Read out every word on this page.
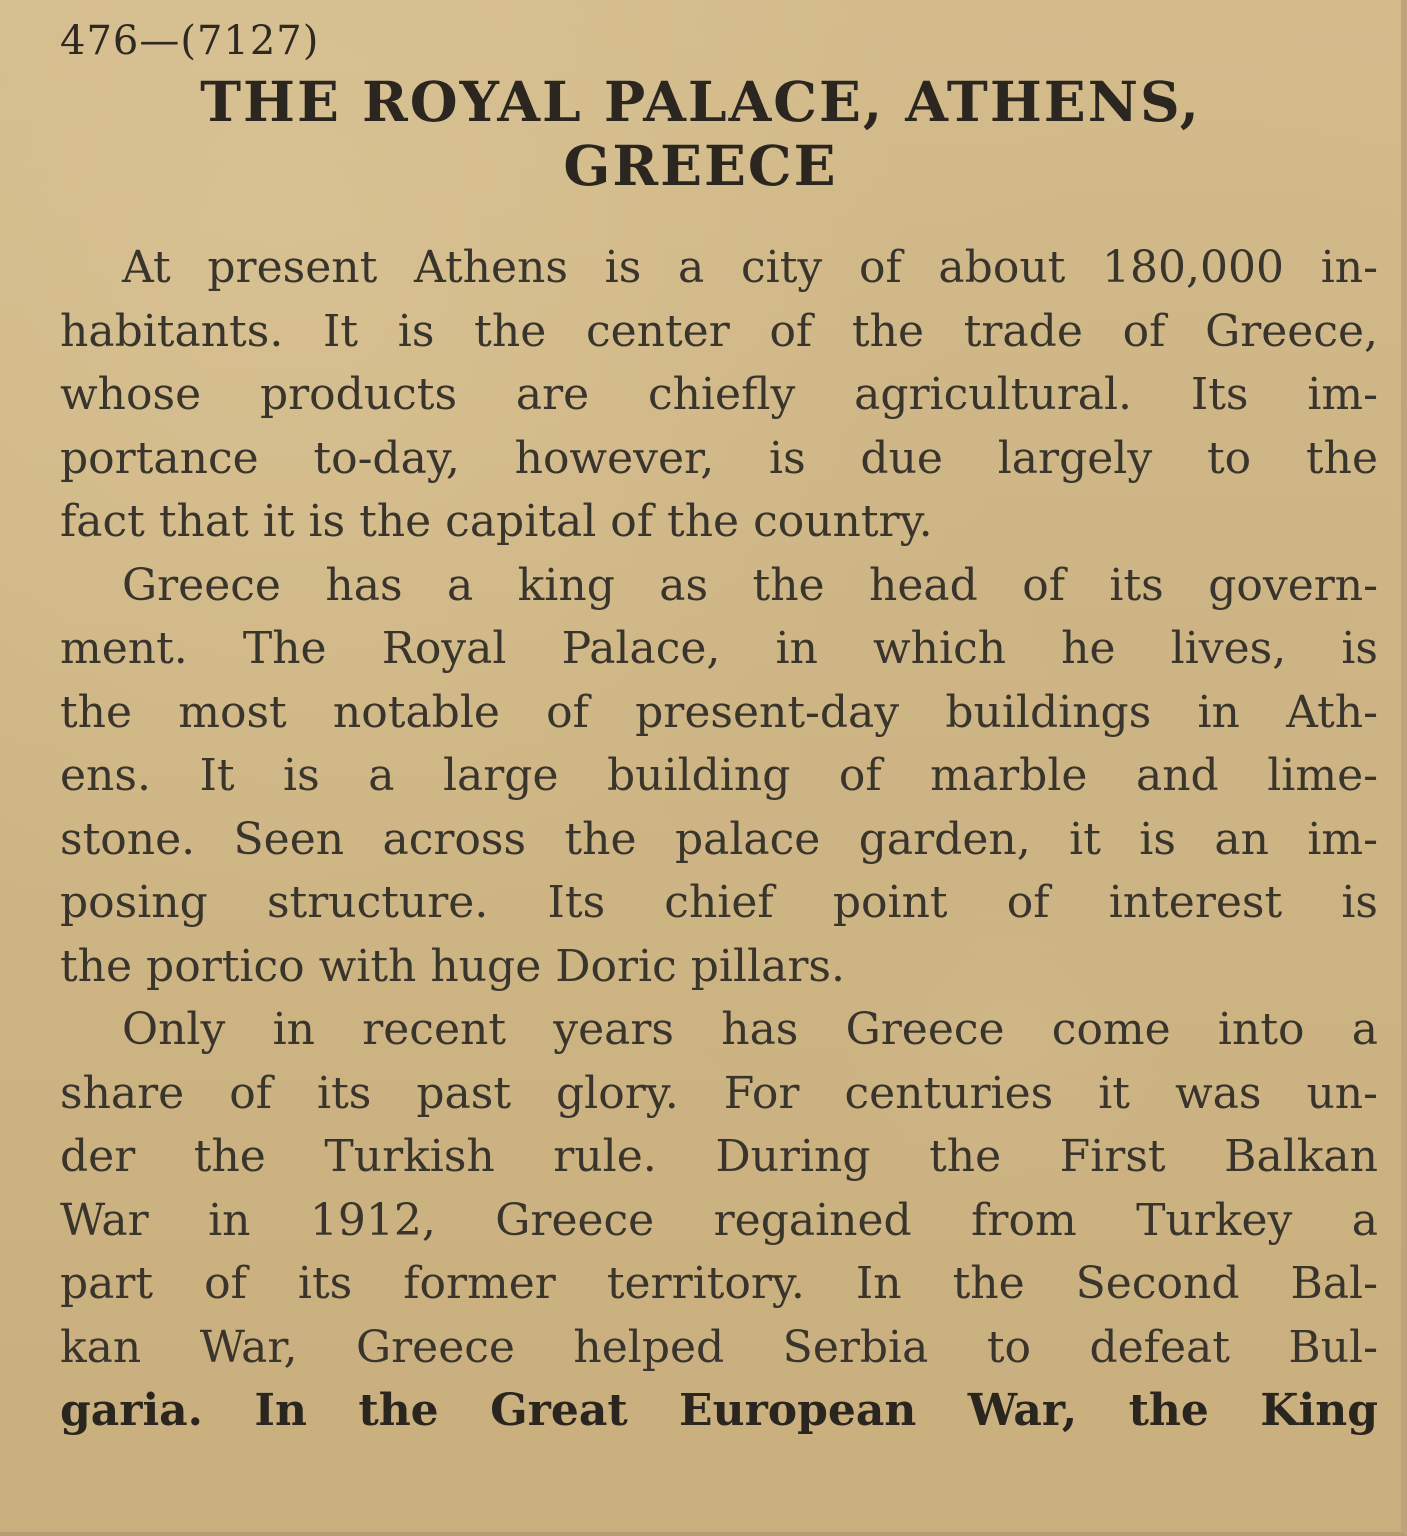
476—(7127)
THE ROYAL PALACE, ATHENS,
GREECE
At present Athens is a city of about 180,000 in-
habitants. It is the center of the trade of Greece,
whose products are chiefly agricultural. Its im-
portance to-day, however, is due largely to the
fact that it is the capital of the country.
Greece has a king as the head of its govern-
ment. The Royal Palace, in which he lives, is
the most notable of present-day buildings in Ath-
ens. It is a large building of marble and lime-
stone. Seen across the palace garden, it is an im-
posing structure. Its chief point of interest is
the portico with huge Doric pillars.
Only in recent years has Greece come into a
share of its past glory. For centuries it was un-
der the Turkish rule. During the First Balkan
War in 1912, Greece regained from Turkey a
part of its former territory. In the Second Bal-
kan War, Greece helped Serbia to defeat Bul-
garia. In the Great European War, the King
